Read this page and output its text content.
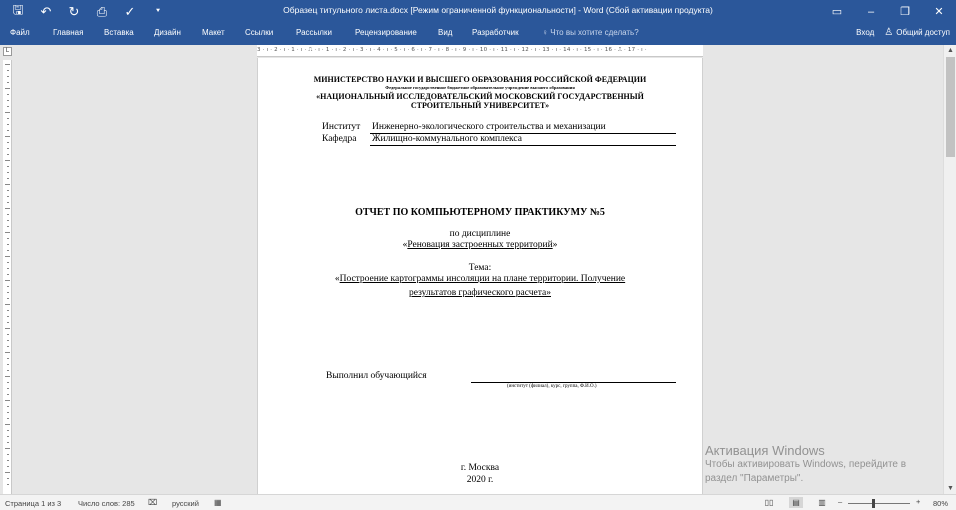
🖫	↶	↻	⎙	✓	⯆	Образец титульного листа.docx [Режим ограниченной функциональности] - Word (Сбой активации продукта)	▭	–	❐	✕
Файл	Главная	Вставка	Дизайн	Макет	Ссылки	Рассылки	Рецензирование	Вид Разработчик	♀ Что вы хотите сделать?	Вход ♙ Общий доступ
L	3 · ı · 2 · ı · 1 · ı · ⎍ · ı · 1 · ı · 2 · ı · 3 · ı · 4 · ı · 5 · ı · 6 · ı · 7 · ı · 8 · ı · 9 · ı · 10 · ı · 11 · ı · 12 · ı · 13 · ı · 14 · ı · 15 · ı · 16 · ⎍ · 17 · ı ·
МИНИСТЕРСТВО НАУКИ И ВЫСШЕГО ОБРАЗОВАНИЯ РОССИЙСКОЙ ФЕДЕРАЦИИ
Федеральное государственное бюджетное образовательное учреждение высшего образования
«НАЦИОНАЛЬНЫЙ ИССЛЕДОВАТЕЛЬСКИЙ МОСКОВСКИЙ ГОСУДАРСТВЕННЫЙ
СТРОИТЕЛЬНЫЙ УНИВЕРСИТЕТ»
Институт Инженерно-экологического строительства и механизации
Кафедра Жилищно-коммунального комплекса
ОТЧЕТ ПО КОМПЬЮТЕРНОМУ ПРАКТИКУМУ №5
по дисциплине
«Реновация застроенных территорий»
Тема:
«Построение картограммы инсоляции на плане территории. Получение
результатов графического расчета»
Выполнил обучающийся
(институт (филиал), курс, группа, Ф.И.О.)
г. Москва
2020 г.
▲
▼
Активация Windows
Чтобы активировать Windows, перейдите в
раздел "Параметры".
Страница 1 из 3 Число слов: 285 ⌧ русский ▦	▯▯	▤	▥	–	+ 80%
